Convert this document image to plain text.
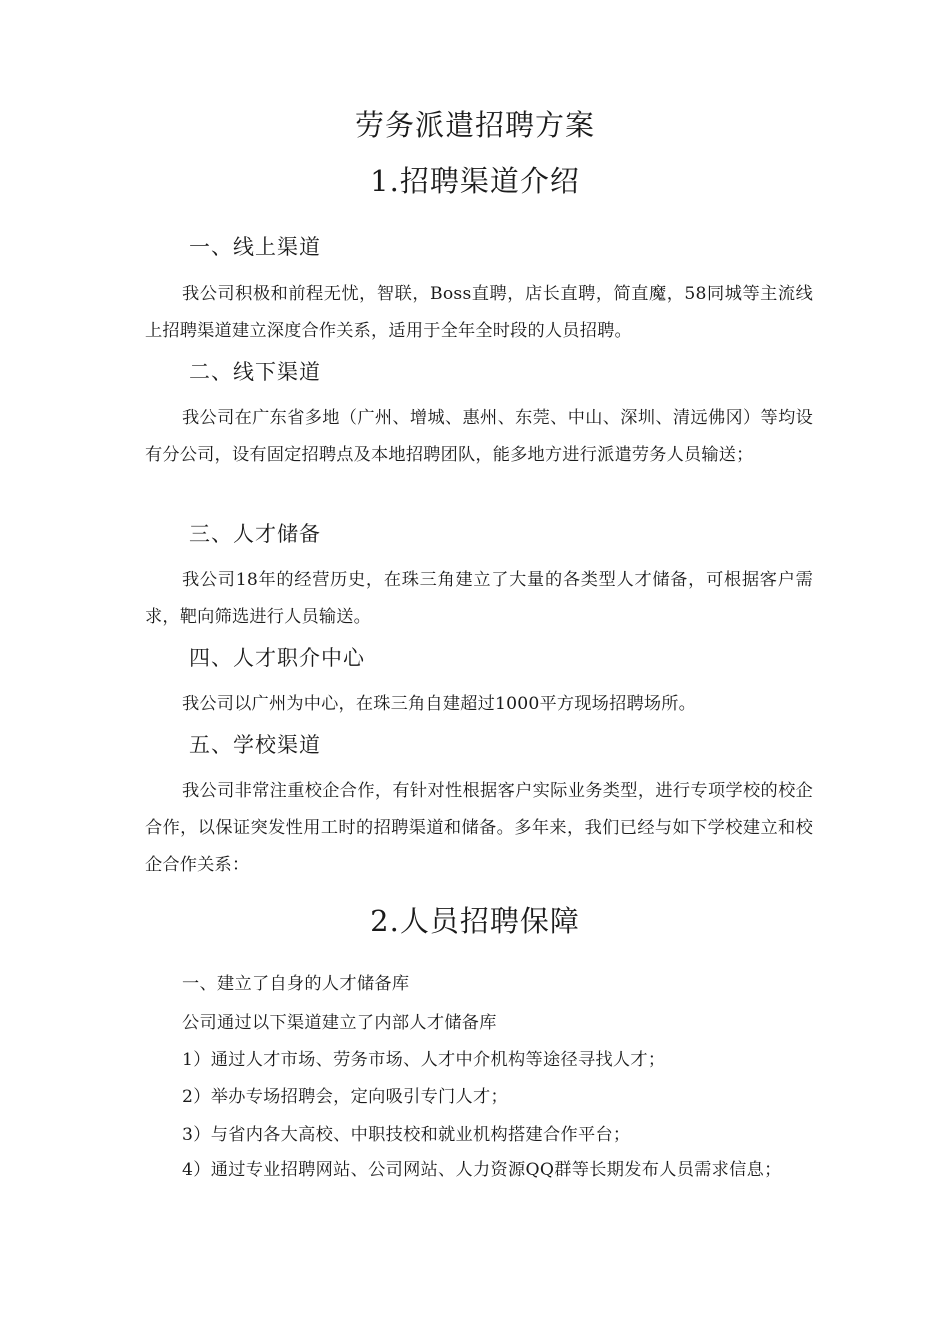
劳务派遣招聘方案
1.招聘渠道介绍
一、线上渠道
我公司积极和前程无忧，智联，Boss直聘，店长直聘，简直魔，58同城等主流线上招聘渠道建立深度合作关系，适用于全年全时段的人员招聘。
二、线下渠道
我公司在广东省多地（广州、增城、惠州、东莞、中山、深圳、清远佛冈）等均设有分公司，设有固定招聘点及本地招聘团队，能多地方进行派遣劳务人员输送；
三、人才储备
我公司18年的经营历史，在珠三角建立了大量的各类型人才储备，可根据客户需求，靶向筛选进行人员输送。
四、人才职介中心
我公司以广州为中心，在珠三角自建超过1000平方现场招聘场所。
五、学校渠道
我公司非常注重校企合作，有针对性根据客户实际业务类型，进行专项学校的校企合作，以保证突发性用工时的招聘渠道和储备。多年来，我们已经与如下学校建立和校企合作关系：
2.人员招聘保障
一、建立了自身的人才储备库
公司通过以下渠道建立了内部人才储备库
1）通过人才市场、劳务市场、人才中介机构等途径寻找人才；
2）举办专场招聘会，定向吸引专门人才；
3）与省内各大高校、中职技校和就业机构搭建合作平台；
4）通过专业招聘网站、公司网站、人力资源QQ群等长期发布人员需求信息；
